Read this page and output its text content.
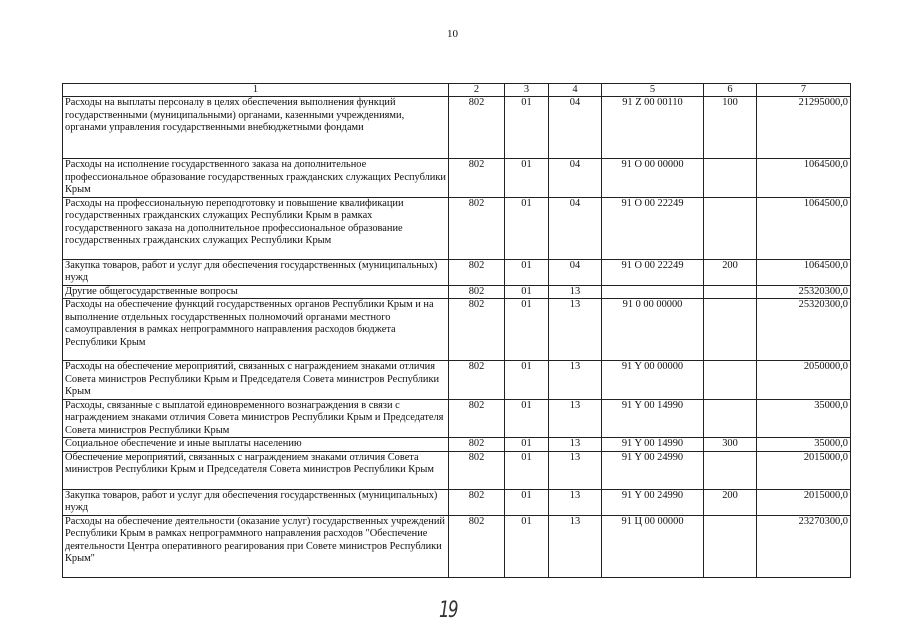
10
1	2	3	4	5	6	7
Расходы на выплаты персоналу в целях обеспечения выполнения функций государственными (муниципальными) органами, казенными учреждениями, органами управления государственными внебюджетными фондами	802	01	04	91 Z 00 00110	100	21295000,0
Расходы на исполнение государственного заказа на дополнительное профессиональное образование государственных гражданских служащих Республики Крым	802	01	04	91 О 00 00000		1064500,0
Расходы на профессиональную переподготовку и повышение квалификации государственных гражданских служащих Республики Крым в рамках государственного заказа на дополнительное профессиональное образование государственных гражданских служащих Республики Крым	802	01	04	91 О 00 22249		1064500,0
Закупка товаров, работ и услуг для обеспечения государственных (муниципальных) нужд	802	01	04	91 О 00 22249	200	1064500,0
Другие общегосударственные вопросы	802	01	13			25320300,0
Расходы на обеспечение функций государственных органов Республики Крым и на выполнение отдельных государственных полномочий органами местного самоуправления в рамках непрограммного направления расходов бюджета Республики Крым	802	01	13	91 0 00 00000		25320300,0
Расходы на обеспечение мероприятий, связанных с награждением знаками отличия Совета министров Республики Крым и Председателя Совета министров Республики Крым	802	01	13	91 Y 00 00000		2050000,0
Расходы, связанные с выплатой единовременного вознаграждения в связи с награждением знаками отличия Совета министров Республики Крым и Председателя Совета министров Республики Крым	802	01	13	91 Y 00 14990		35000,0
Социальное обеспечение и иные выплаты населению	802	01	13	91 Y 00 14990	300	35000,0
Обеспечение мероприятий, связанных с награждением знаками отличия Совета министров Республики Крым и Председателя Совета министров Республики Крым	802	01	13	91 Y 00 24990		2015000,0
Закупка товаров, работ и услуг для обеспечения государственных (муниципальных) нужд	802	01	13	91 Y 00 24990	200	2015000,0
Расходы на обеспечение деятельности (оказание услуг) государственных учреждений Республики Крым в рамках непрограммного направления расходов "Обеспечение деятельности Центра оперативного реагирования при Совете министров Республики Крым"	802	01	13	91 Ц 00 00000		23270300,0
19
